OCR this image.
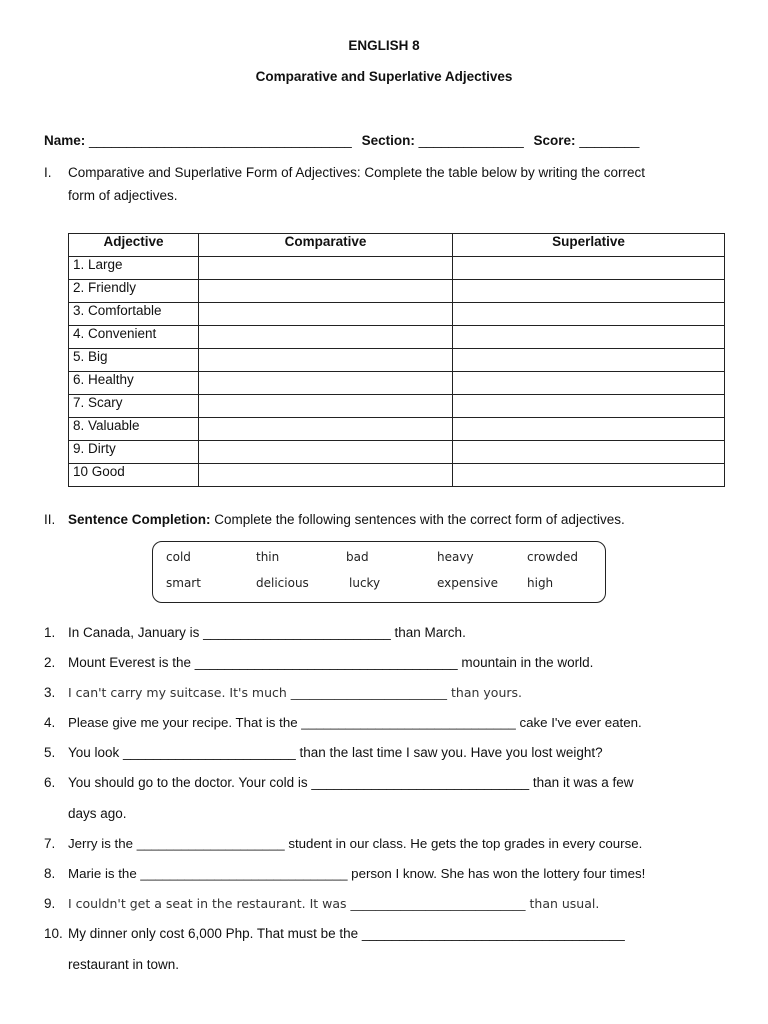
ENGLISH 8
Comparative and Superlative Adjectives
Name: ___________________________________ Section: ______________ Score: ________
I. Comparative and Superlative Form of Adjectives: Complete the table below by writing the correct
form of adjectives.
Adjective	Comparative	Superlative
1. Large		
2. Friendly		
3. Comfortable		
4. Convenient		
5. Big		
6. Healthy		
7. Scary		
8. Valuable		
9. Dirty		
10 Good		
II. Sentence Completion: Complete the following sentences with the correct form of adjectives.
cold	thin	bad	heavy	crowded
smart	delicious	lucky	expensive high
1. In Canada, January is _________________________ than March.
2. Mount Everest is the ___________________________________ mountain in the world.
3. I can't carry my suitcase. It's much _________________________ than yours.
4. Please give me your recipe. That is the _____________________________ cake I've ever eaten.
5. You look _______________________ than the last time I saw you. Have you lost weight?
6. You should go to the doctor. Your cold is _____________________________ than it was a few
days ago.
7. Jerry is the ____________________ student in our class. He gets the top grades in every course.
8. Marie is the ____________________________ person I know. She has won the lottery four times!
9. I couldn't get a seat in the restaurant. It was ____________________________ than usual.
10. My dinner only cost 6,000 Php. That must be the ___________________________________
restaurant in town.
